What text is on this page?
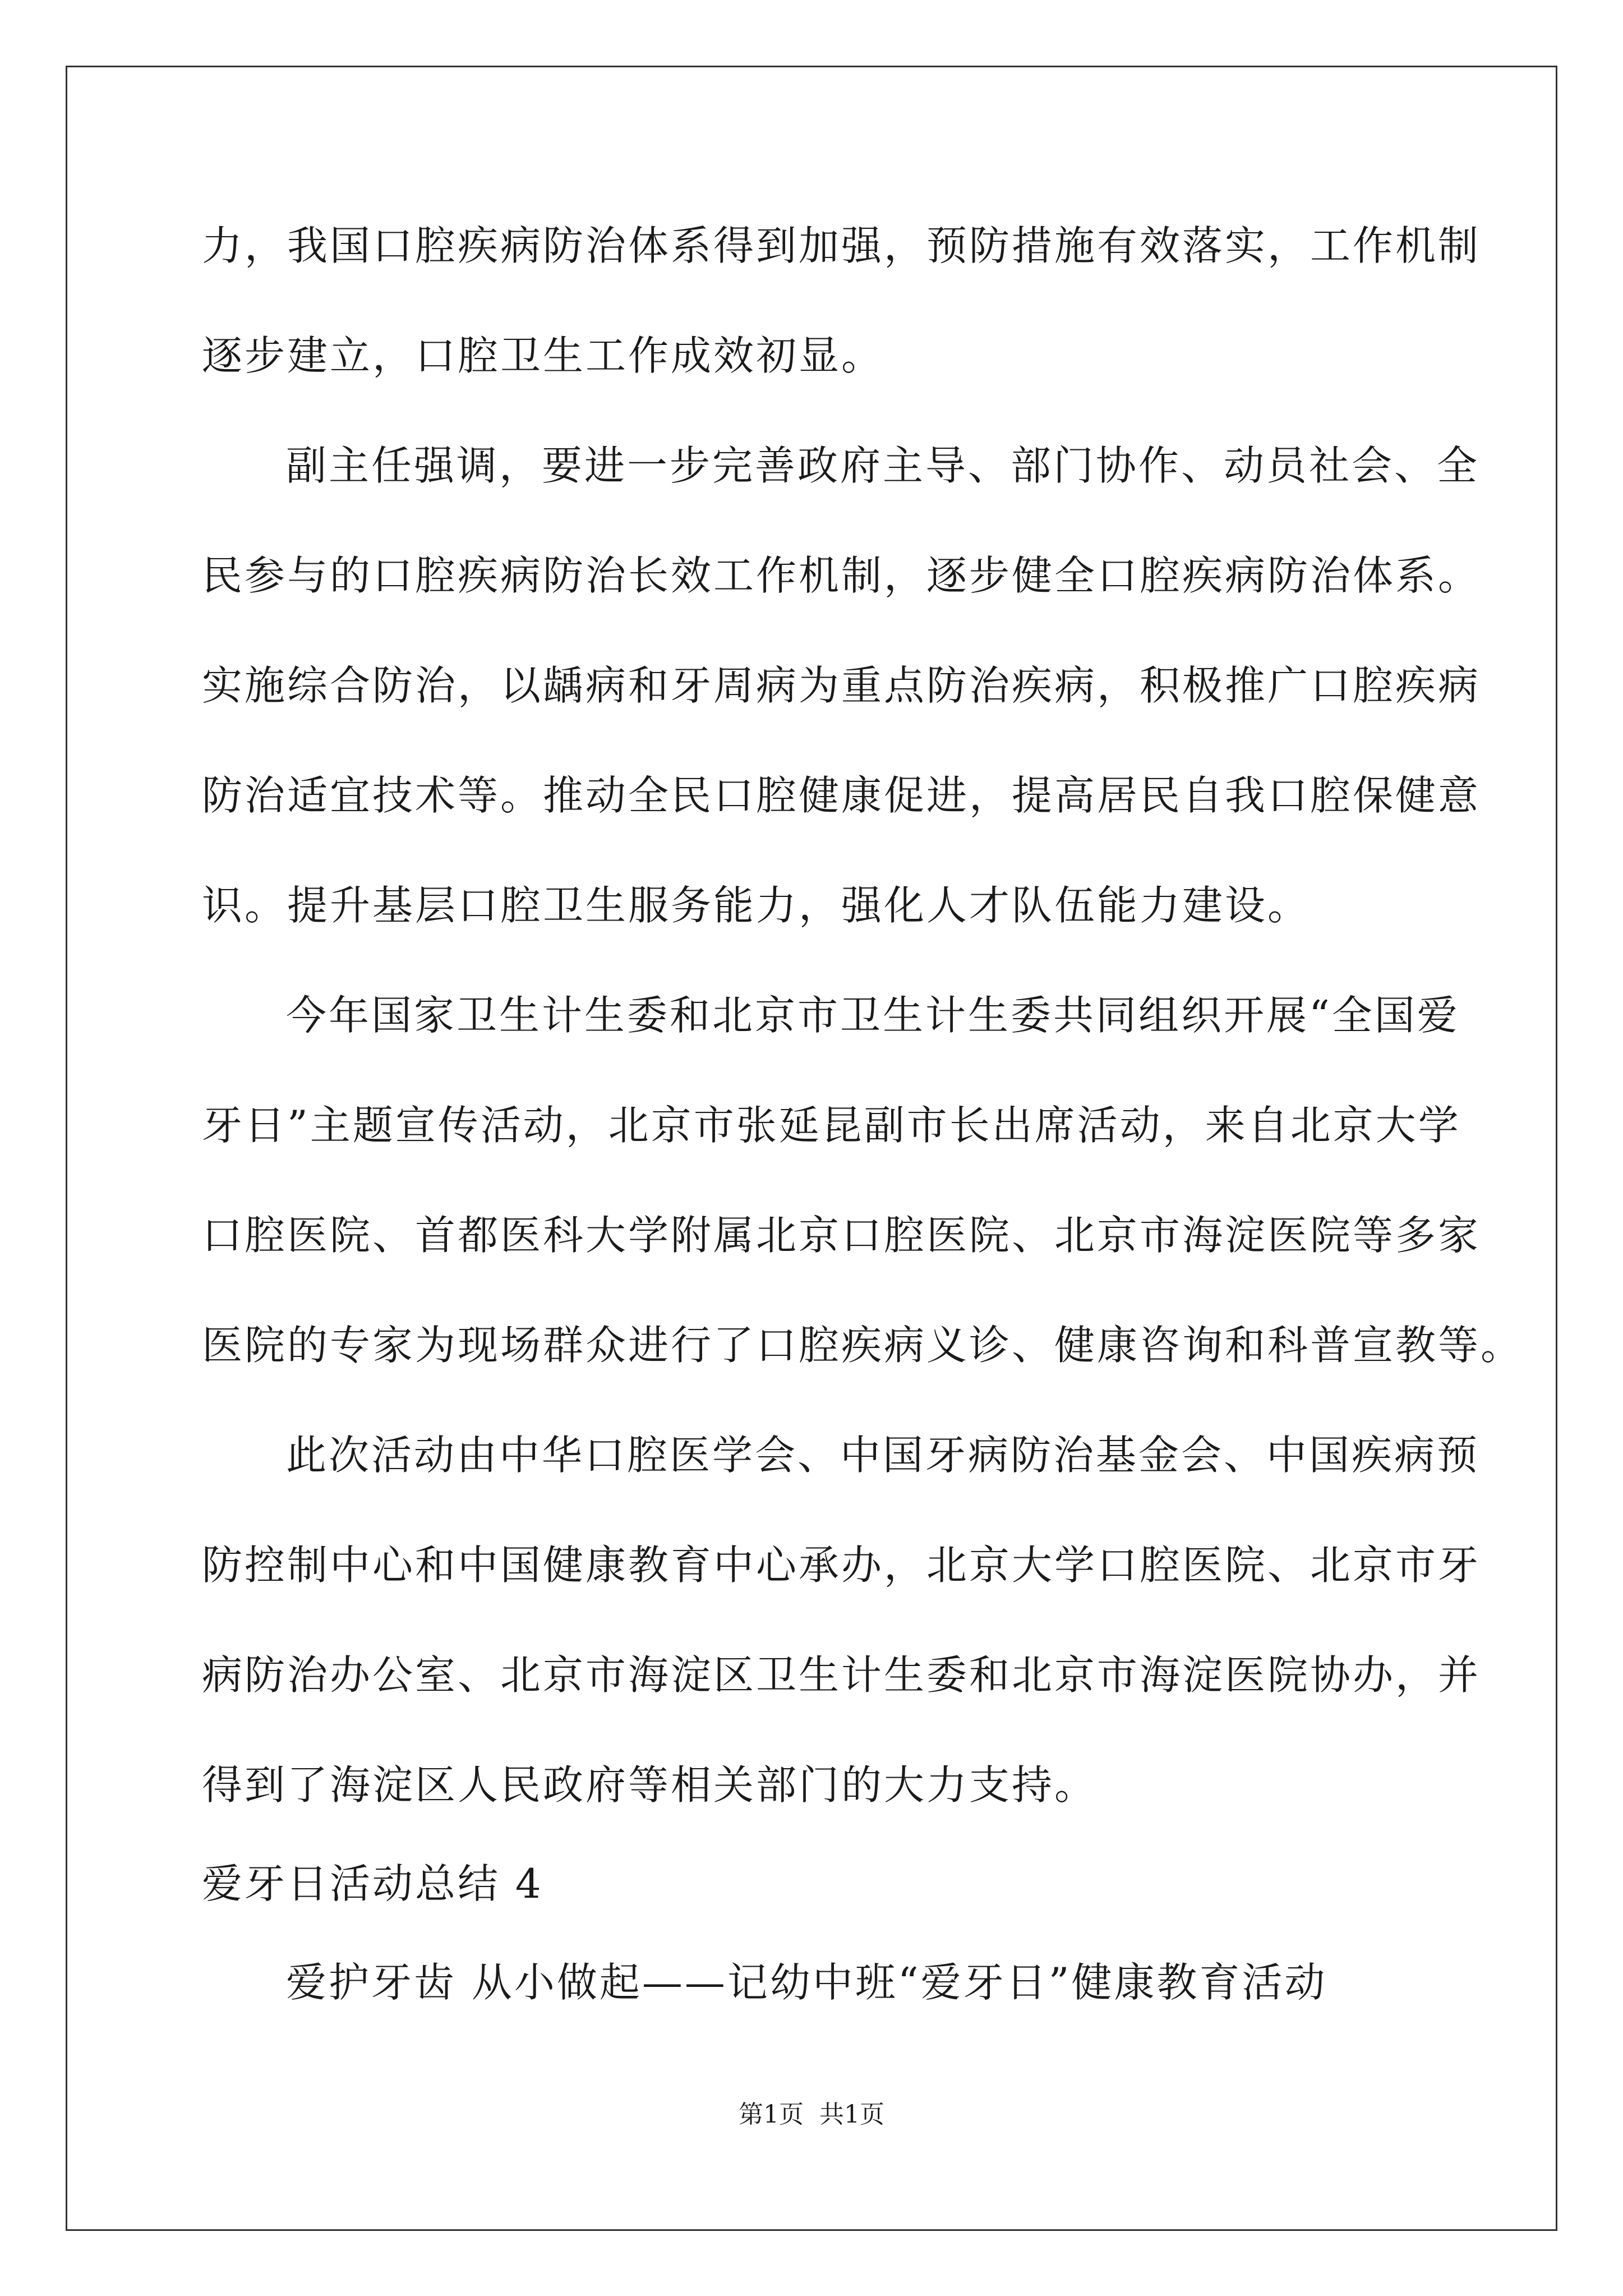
力，我国口腔疾病防治体系得到加强，预防措施有效落实，工作机制
逐步建立，口腔卫生工作成效初显。
副主任强调，要进一步完善政府主导、部门协作、动员社会、全
民参与的口腔疾病防治长效工作机制，逐步健全口腔疾病防治体系。
实施综合防治，以龋病和牙周病为重点防治疾病，积极推广口腔疾病
防治适宜技术等。推动全民口腔健康促进，提高居民自我口腔保健意
识。提升基层口腔卫生服务能力，强化人才队伍能力建设。
今年国家卫生计生委和北京市卫生计生委共同组织开展“全国爱
牙日”主题宣传活动，北京市张延昆副市长出席活动，来自北京大学
口腔医院、首都医科大学附属北京口腔医院、北京市海淀医院等多家
医院的专家为现场群众进行了口腔疾病义诊、健康咨询和科普宣教等。
此次活动由中华口腔医学会、中国牙病防治基金会、中国疾病预
防控制中心和中国健康教育中心承办，北京大学口腔医院、北京市牙
病防治办公室、北京市海淀区卫生计生委和北京市海淀医院协办，并
得到了海淀区人民政府等相关部门的大力支持。
爱牙日活动总结 4
爱护牙齿 从小做起——记幼中班“爱牙日”健康教育活动
第1页  共1页
